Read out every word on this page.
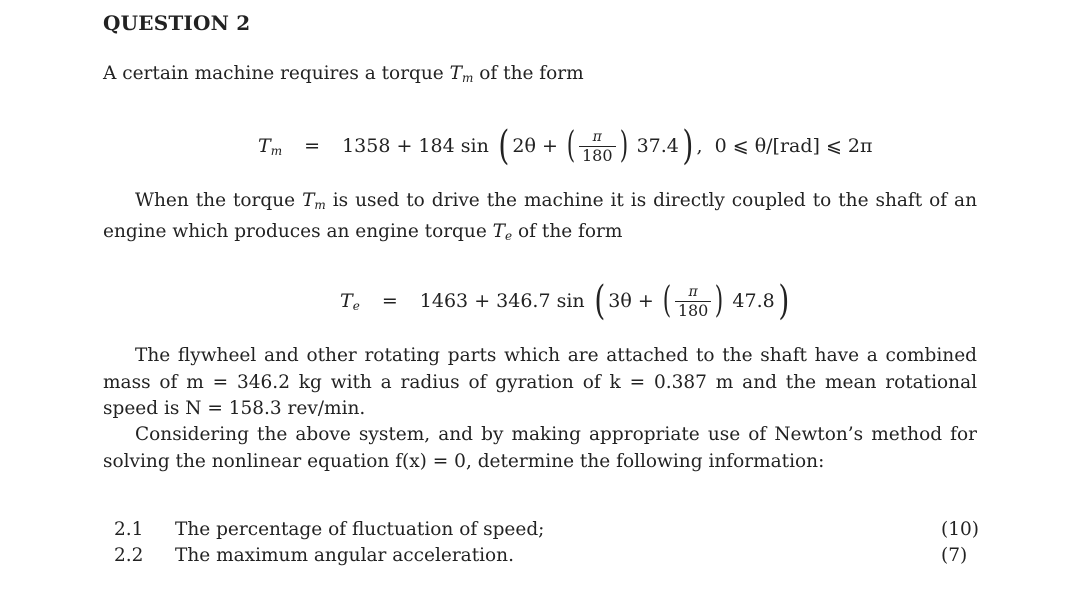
QUESTION 2
A certain machine requires a torque $T_m$ of the form
$T_m$	=	1358 + 184 sin ( 2θ + ( $\frac{\pi}{180}$ ) 37.4 ) ,  0 ⩽ θ/[rad] ⩽ 2π
When the torque $T_m$ is used to drive the machine it is directly coupled to the shaft of an engine which produces an engine torque $T_e$ of the form
$T_e$	=	1463 + 346.7 sin ( 3θ + ( $\frac{\pi}{180}$ ) 47.8 )
The flywheel and other rotating parts which are attached to the shaft have a combined mass of m = 346.2 kg with a radius of gyration of k = 0.387 m and the mean rotational speed is N = 158.3 rev/min.
Considering the above system, and by making appropriate use of Newton’s method for solving the nonlinear equation f(x) = 0, determine the following information:
2.1 The percentage of fluctuation of speed;	(10)
2.2 The maximum angular acceleration.	(7)
